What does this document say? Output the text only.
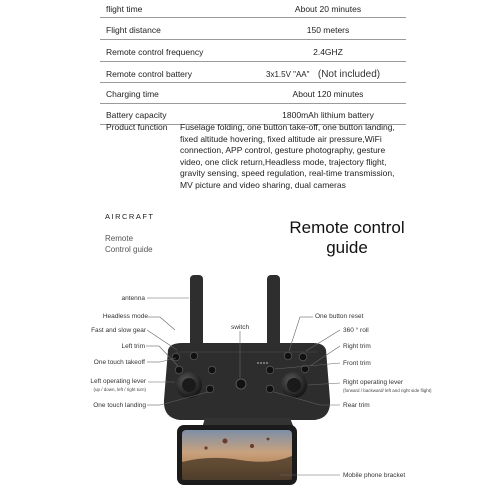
flight time	About 20 minutes
Flight distance	150 meters
Remote control frequency	2.4GHZ
Remote control battery	3x1.5V "AA" (Not included)
Charging time	About 120 minutes
Battery capacity	1800mAh lithium battery
Product function Fuselage folding, one button take-off, one button landing,
fixed altitude hovering, fixed altitude air pressure,WiFi
connection, APP control, gesture photography, gesture
video, one click return,Headless mode, trajectory flight,
gravity sensing, speed regulation, real-time transmission,
MV picture and video sharing, dual cameras
AIRCRAFT
Remote
Control guide
Remote control
guide
antenna
Headless mode
Fast and slow gear
Left trim
One touch takeoff
Left operating lever
(up / down, left / right turn)
One touch landing
switch
One button reset
360 ° roll
Right trim
Front trim
Right operating lever
(forward / backward/ left and right side flight)
Rear trim
Mobile phone bracket
